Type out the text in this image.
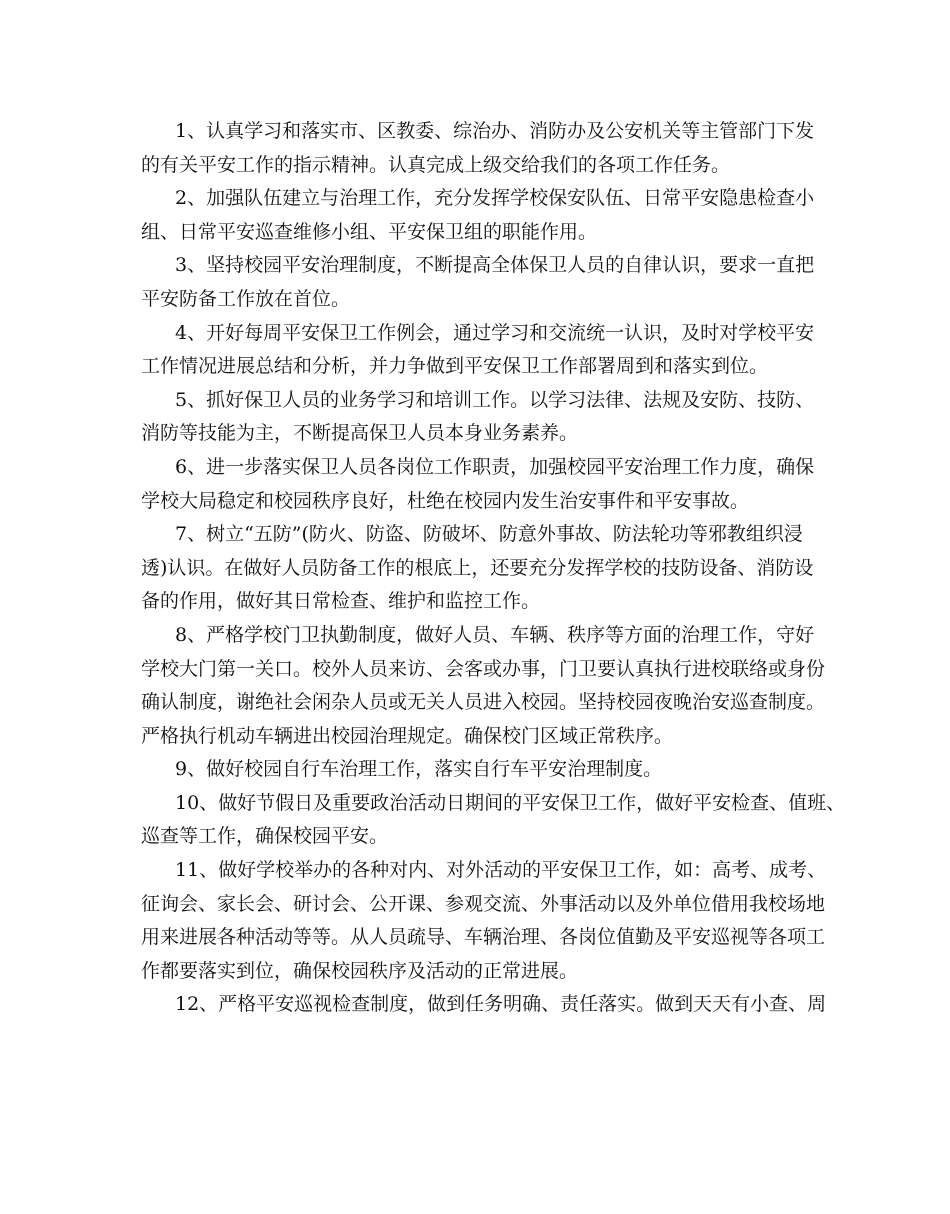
1、认真学习和落实市、区教委、综治办、消防办及公安机关等主管部门下发
的有关平安工作的指示精神。认真完成上级交给我们的各项工作任务。
2、加强队伍建立与治理工作，充分发挥学校保安队伍、日常平安隐患检查小
组、日常平安巡查维修小组、平安保卫组的职能作用。
3、坚持校园平安治理制度，不断提高全体保卫人员的自律认识，要求一直把
平安防备工作放在首位。
4、开好每周平安保卫工作例会，通过学习和交流统一认识，及时对学校平安
工作情况进展总结和分析，并力争做到平安保卫工作部署周到和落实到位。
5、抓好保卫人员的业务学习和培训工作。以学习法律、法规及安防、技防、
消防等技能为主，不断提高保卫人员本身业务素养。
6、进一步落实保卫人员各岗位工作职责，加强校园平安治理工作力度，确保
学校大局稳定和校园秩序良好，杜绝在校园内发生治安事件和平安事故。
7、树立“五防”(防火、防盗、防破坏、防意外事故、防法轮功等邪教组织浸
透)认识。在做好人员防备工作的根底上，还要充分发挥学校的技防设备、消防设
备的作用，做好其日常检查、维护和监控工作。
8、严格学校门卫执勤制度，做好人员、车辆、秩序等方面的治理工作，守好
学校大门第一关口。校外人员来访、会客或办事，门卫要认真执行进校联络或身份
确认制度，谢绝社会闲杂人员或无关人员进入校园。坚持校园夜晚治安巡查制度。
严格执行机动车辆进出校园治理规定。确保校门区域正常秩序。
9、做好校园自行车治理工作，落实自行车平安治理制度。
10、做好节假日及重要政治活动日期间的平安保卫工作，做好平安检查、值班、
巡查等工作，确保校园平安。
11、做好学校举办的各种对内、对外活动的平安保卫工作，如：高考、成考、
征询会、家长会、研讨会、公开课、参观交流、外事活动以及外单位借用我校场地
用来进展各种活动等等。从人员疏导、车辆治理、各岗位值勤及平安巡视等各项工
作都要落实到位，确保校园秩序及活动的正常进展。
12、严格平安巡视检查制度，做到任务明确、责任落实。做到天天有小查、周
